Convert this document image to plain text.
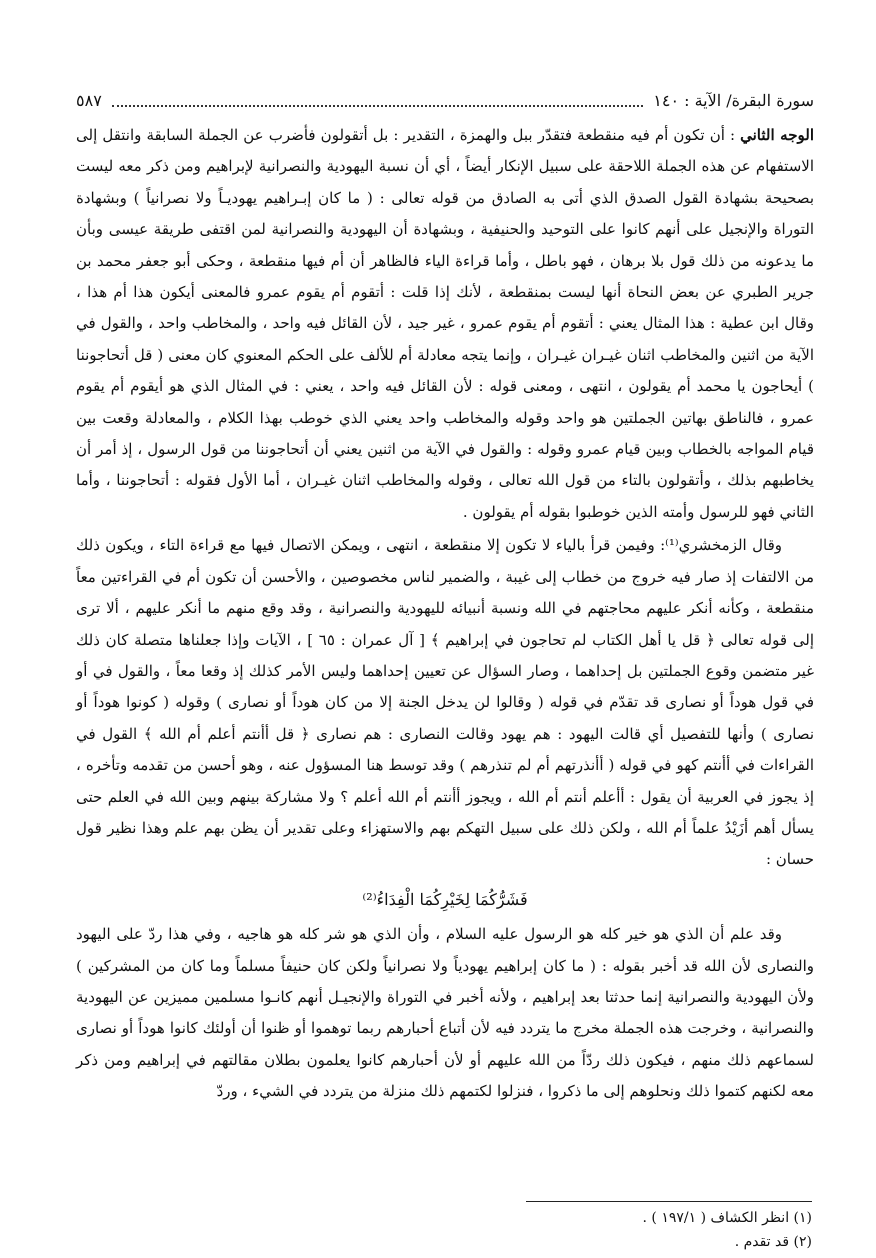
٥٨٧	سورة البقرة/ الآية : ١٤٠

الوجه الثاني : أن تكون أم فيه منقطعة فتقدّر ببل والهمزة ، التقدير : بل أتقولون فأضرب عن الجملة السابقة وانتقل إلى الاستفهام عن هذه الجملة اللاحقة على سبيل الإنكار أيضاً ، أي أن نسبة اليهودية والنصرانية لإبراهيم ومن ذكر معه ليست بصحيحة بشهادة القول الصدق الذي أتى به الصادق من قوله تعالى : ( ما كان إبـراهيم يهوديـاً ولا نصرانياً ) وبشهادة التوراة والإنجيل على أنهم كانوا على التوحيد والحنيفية ، وبشهادة أن اليهودية والنصرانية لمن اقتفى طريقة عيسى وبأن ما يدعونه من ذلك قول بلا برهان ، فهو باطل ، وأما قراءة الياء فالظاهر أن أم فيها منقطعة ، وحكى أبو جعفر محمد بن جرير الطبري عن بعض النحاة أنها ليست بمنقطعة ، لأنك إذا قلت : أتقوم أم يقوم عمرو فالمعنى أيكون هذا أم هذا ، وقال ابن عطية : هذا المثال يعني : أتقوم أم يقوم عمرو ، غير جيد ، لأن القائل فيه واحد ، والمخاطب واحد ، والقول في الآية من اثنين والمخاطب اثنان غيـران غيـران ، وإنما يتجه معادلة أم للألف على الحكم المعنوي كان معنى ( قل أتحاجوننا ) أيحاجون يا محمد أم يقولون ، انتهى ، ومعنى قوله : لأن القائل فيه واحد ، يعني : في المثال الذي هو أيقوم أم يقوم عمرو ، فالناطق بهاتين الجملتين هو واحد وقوله والمخاطب واحد يعني الذي خوطب بهذا الكلام ، والمعادلة وقعت بين قيام المواجه بالخطاب وبين قيام عمرو وقوله : والقول في الآية من اثنين يعني أن أتحاجوننا من قول الرسول ، إذ أمر أن يخاطبهم بذلك ، وأتقولون بالتاء من قول الله تعالى ، وقوله والمخاطب اثنان غيـران ، أما الأول فقوله : أتحاجوننا ، وأما الثاني فهو للرسول وأمته الذين خوطبوا بقوله أم يقولون .

وقال الزمخشري⁽¹⁾: وفيمن قرأ بالياء لا تكون إلا منقطعة ، انتهى ، ويمكن الاتصال فيها مع قراءة التاء ، ويكون ذلك من الالتفات إذ صار فيه خروج من خطاب إلى غيبة ، والضمير لناس مخصوصين ، والأحسن أن تكون أم في القراءتين معاً منقطعة ، وكأنه أنكر عليهم محاجتهم في الله ونسبة أنبيائه لليهودية والنصرانية ، وقد وقع منهم ما أنكر عليهم ، ألا ترى إلى قوله تعالى ﴿ قل يا أهل الكتاب لم تحاجون في إبراهيم ﴾ [ آل عمران : ٦٥ ] ، الآيات وإذا جعلناها متصلة كان ذلك غير متضمن وقوع الجملتين بل إحداهما ، وصار السؤال عن تعيين إحداهما وليس الأمر كذلك إذ وقعا معاً ، والقول في أو في قول هوداً أو نصارى قد تقدّم في قوله ( وقالوا لن يدخل الجنة إلا من كان هوداً أو نصارى ) وقوله ( كونوا هوداً أو نصارى ) وأنها للتفصيل أي قالت اليهود : هم يهود وقالت النصارى : هم نصارى ﴿ قل أأنتم أعلم أم الله ﴾ القول في القراءات في أأنتم كهو في قوله ( أأنذرتهم أم لم تنذرهم ) وقد توسط هنا المسؤول عنه ، وهو أحسن من تقدمه وتأخره ، إذ يجوز في العربية أن يقول : أأعلم أنتم أم الله ، ويجوز أأنتم أم الله أعلم ؟ ولا مشاركة بينهم وبين الله في العلم حتى يسأل أهم أزَيْدُ علماً أم الله ، ولكن ذلك على سبيل التهكم بهم والاستهزاء وعلى تقدير أن يظن بهم علم وهذا نظير قول حسان :

فَشَرُّكُمَا لِخَيْرِكُمَا الْفِدَاءُ⁽²⁾

وقد علم أن الذي هو خير كله هو الرسول عليه السلام ، وأن الذي هو شر كله هو هاجيه ، وفي هذا ردّ على اليهود والنصارى لأن الله قد أخبر بقوله : ( ما كان إبراهيم يهودياً ولا نصرانياً ولكن كان حنيفاً مسلماً وما كان من المشركين ) ولأن اليهودية والنصرانية إنما حدثتا بعد إبراهيم ، ولأنه أخبر في التوراة والإنجيـل أنهم كانـوا مسلمين مميزين عن اليهودية والنصرانية ، وخرجت هذه الجملة مخرج ما يتردد فيه لأن أتباع أحبارهم ربما توهموا أو ظنوا أن أولئك كانوا هوداً أو نصارى لسماعهم ذلك منهم ، فيكون ذلك ردّاً من الله عليهم أو لأن أحبارهم كانوا يعلمون بطلان مقالتهم في إبراهيم ومن ذكر معه لكنهم كتموا ذلك ونحلوهم إلى ما ذكروا ، فنزلوا لكتمهم ذلك منزلة من يتردد في الشيء ، وردّ

(١) انظر الكشاف ( ١٩٧/١ ) .
(٢) قد تقدم .
